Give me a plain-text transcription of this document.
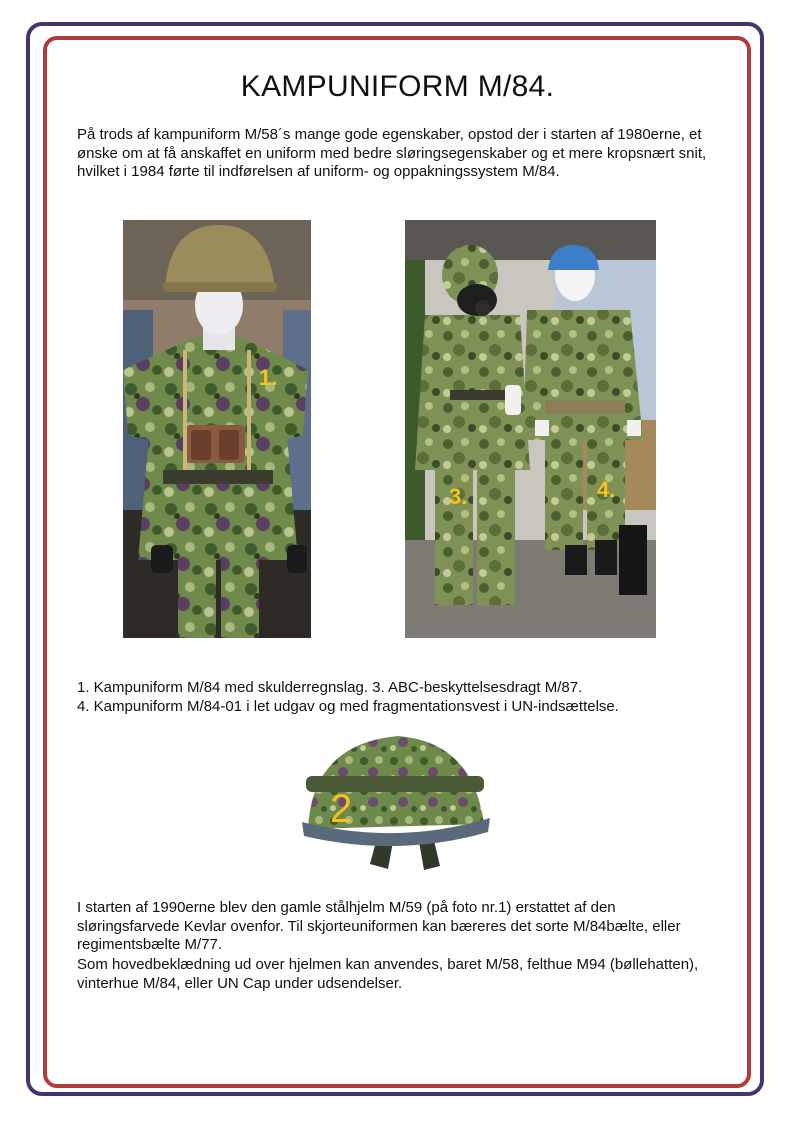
KAMPUNIFORM M/84.

På trods af kampuniform M/58´s mange gode egenskaber, opstod der i starten af 1980erne, et ønske om at få anskaffet en uniform med bedre sløringsegenskaber og et mere kropsnært snit, hvilket i 1984 førte til indførelsen af uniform- og oppakningssystem M/84.

1.
3.	4.
1. Kampuniform M/84 med skulderregnslag. 3. ABC-beskyttelsesdragt M/87.
4. Kampuniform M/84-01 i let udgav og med fragmentationsvest i UN-indsættelse.
2

I starten af 1990erne blev den gamle stålhjelm M/59 (på foto nr.1) erstattet af den sløringsfarvede Kevlar ovenfor. Til skjorteuniformen kan bæreres det sorte M/84bælte, eller regimentsbælte M/77.

Som hovedbeklædning ud over hjelmen kan anvendes, baret M/58, felthue M94 (bøllehatten), vinterhue M/84, eller UN Cap under udsendelser.
